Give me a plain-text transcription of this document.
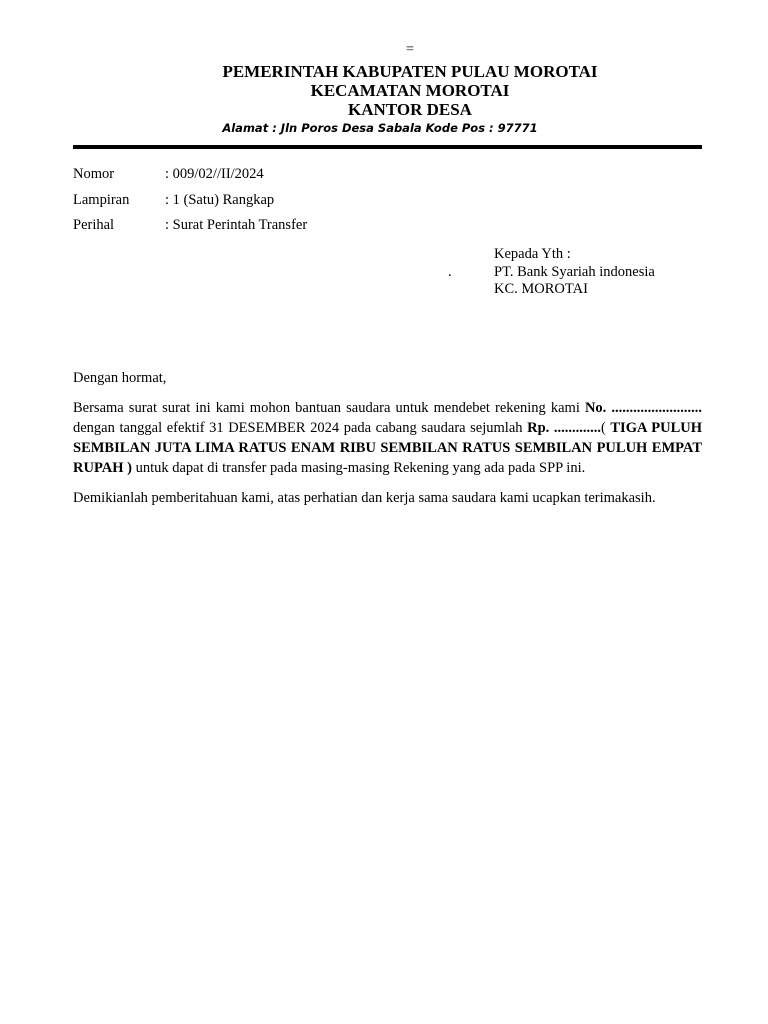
=
PEMERINTAH KABUPATEN PULAU MOROTAI
KECAMATAN MOROTAI
KANTOR DESA
Alamat : Jln Poros Desa Sabala Kode Pos : 97771
Nomor	: 009/02//II/2024
Lampiran	: 1 (Satu) Rangkap
Perihal	: Surat Perintah Transfer
Kepada Yth :
.	PT. Bank Syariah indonesia
KC. MOROTAI

Dengan hormat,

Bersama surat surat ini kami mohon bantuan saudara untuk mendebet rekening kami No. ......................... dengan tanggal efektif 31 DESEMBER 2024 pada cabang saudara sejumlah Rp. .............( TIGA PULUH SEMBILAN JUTA LIMA RATUS ENAM RIBU SEMBILAN RATUS SEMBILAN PULUH EMPAT RUPAH ) untuk dapat di transfer pada masing-masing Rekening yang ada pada SPP ini.

Demikianlah pemberitahuan kami, atas perhatian dan kerja sama saudara kami ucapkan terimakasih.
